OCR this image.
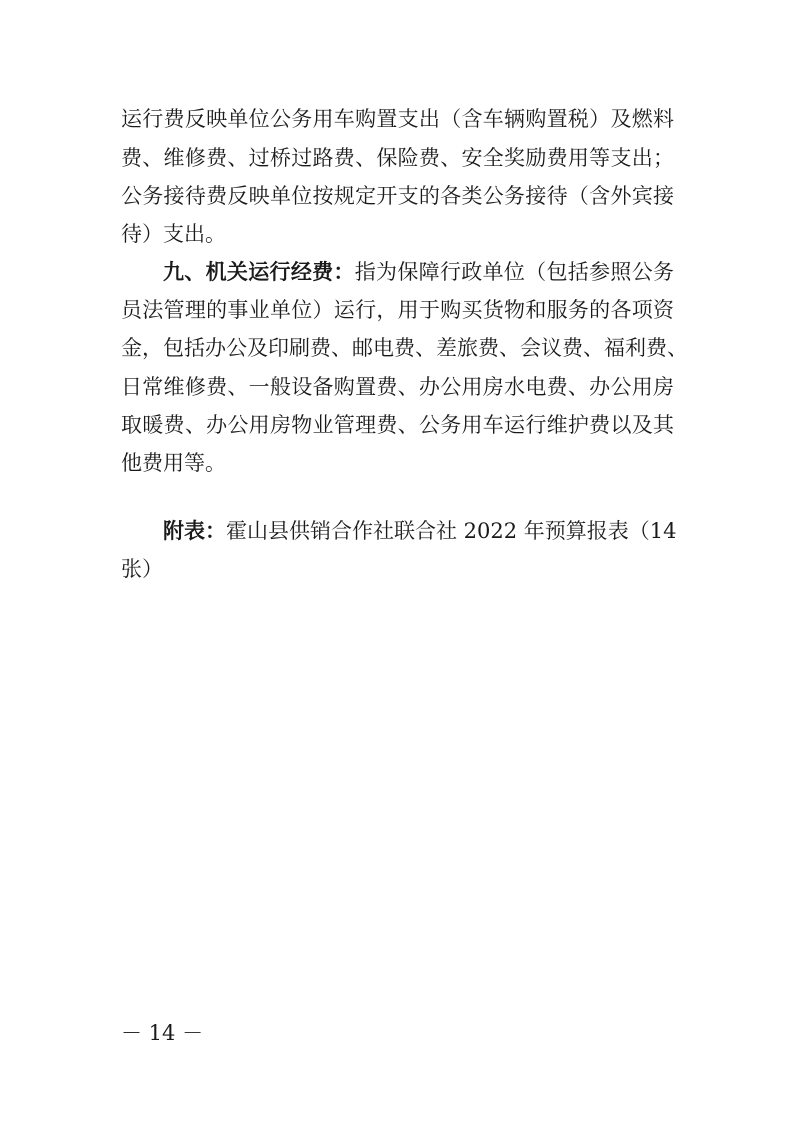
运行费反映单位公务用车购置支出（含车辆购置税）及燃料
费、维修费、过桥过路费、保险费、安全奖励费用等支出；
公务接待费反映单位按规定开支的各类公务接待（含外宾接
待）支出。
九、机关运行经费：指为保障行政单位（包括参照公务
员法管理的事业单位）运行，用于购买货物和服务的各项资
金，包括办公及印刷费、邮电费、差旅费、会议费、福利费、
日常维修费、一般设备购置费、办公用房水电费、办公用房
取暖费、办公用房物业管理费、公务用车运行维护费以及其
他费用等。
附表：霍山县供销合作社联合社 2022 年预算报表（14
张）
－ 14 －
